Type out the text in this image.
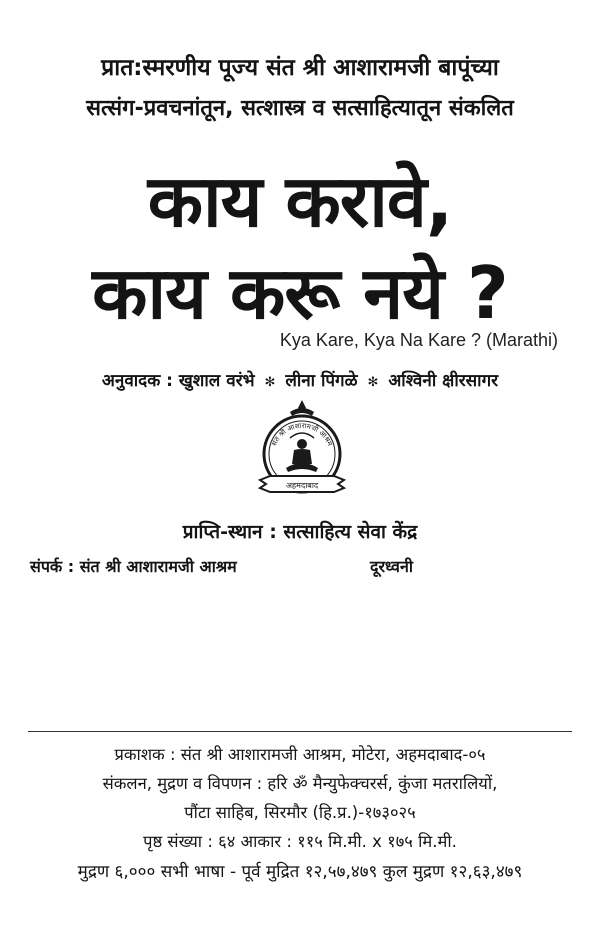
प्रात:स्मरणीय पूज्य संत श्री आशारामजी बापूंच्या
सत्संग-प्रवचनांतून, सत्शास्त्र व सत्साहित्यातून संकलित
काय करावे,
काय करू नये ?
Kya Kare, Kya Na Kare ? (Marathi)
अनुवादक : खुशाल वरंभे ✻ लीना पिंगळे ✻ अश्विनी क्षीरसागर
संत श्री आशारामजी आश्रम
अहमदाबाद
प्राप्ति-स्थान : सत्साहित्य सेवा केंद्र
संपर्क : संत श्री आशारामजी आश्रम	दूरध्वनी
प्रकाशक : संत श्री आशारामजी आश्रम, मोटेरा, अहमदाबाद-०५
संकलन, मुद्रण व विपणन : हरि ॐ मैन्युफेक्चरर्स, कुंजा मतरालियों,
पौंटा साहिब, सिरमौर (हि.प्र.)-१७३०२५
पृष्ठ संख्या : ६४ आकार : ११५ मि.मी. x १७५ मि.मी.
मुद्रण ६,००० सभी भाषा - पूर्व मुद्रित १२,५७,४७९ कुल मुद्रण १२,६३,४७९
